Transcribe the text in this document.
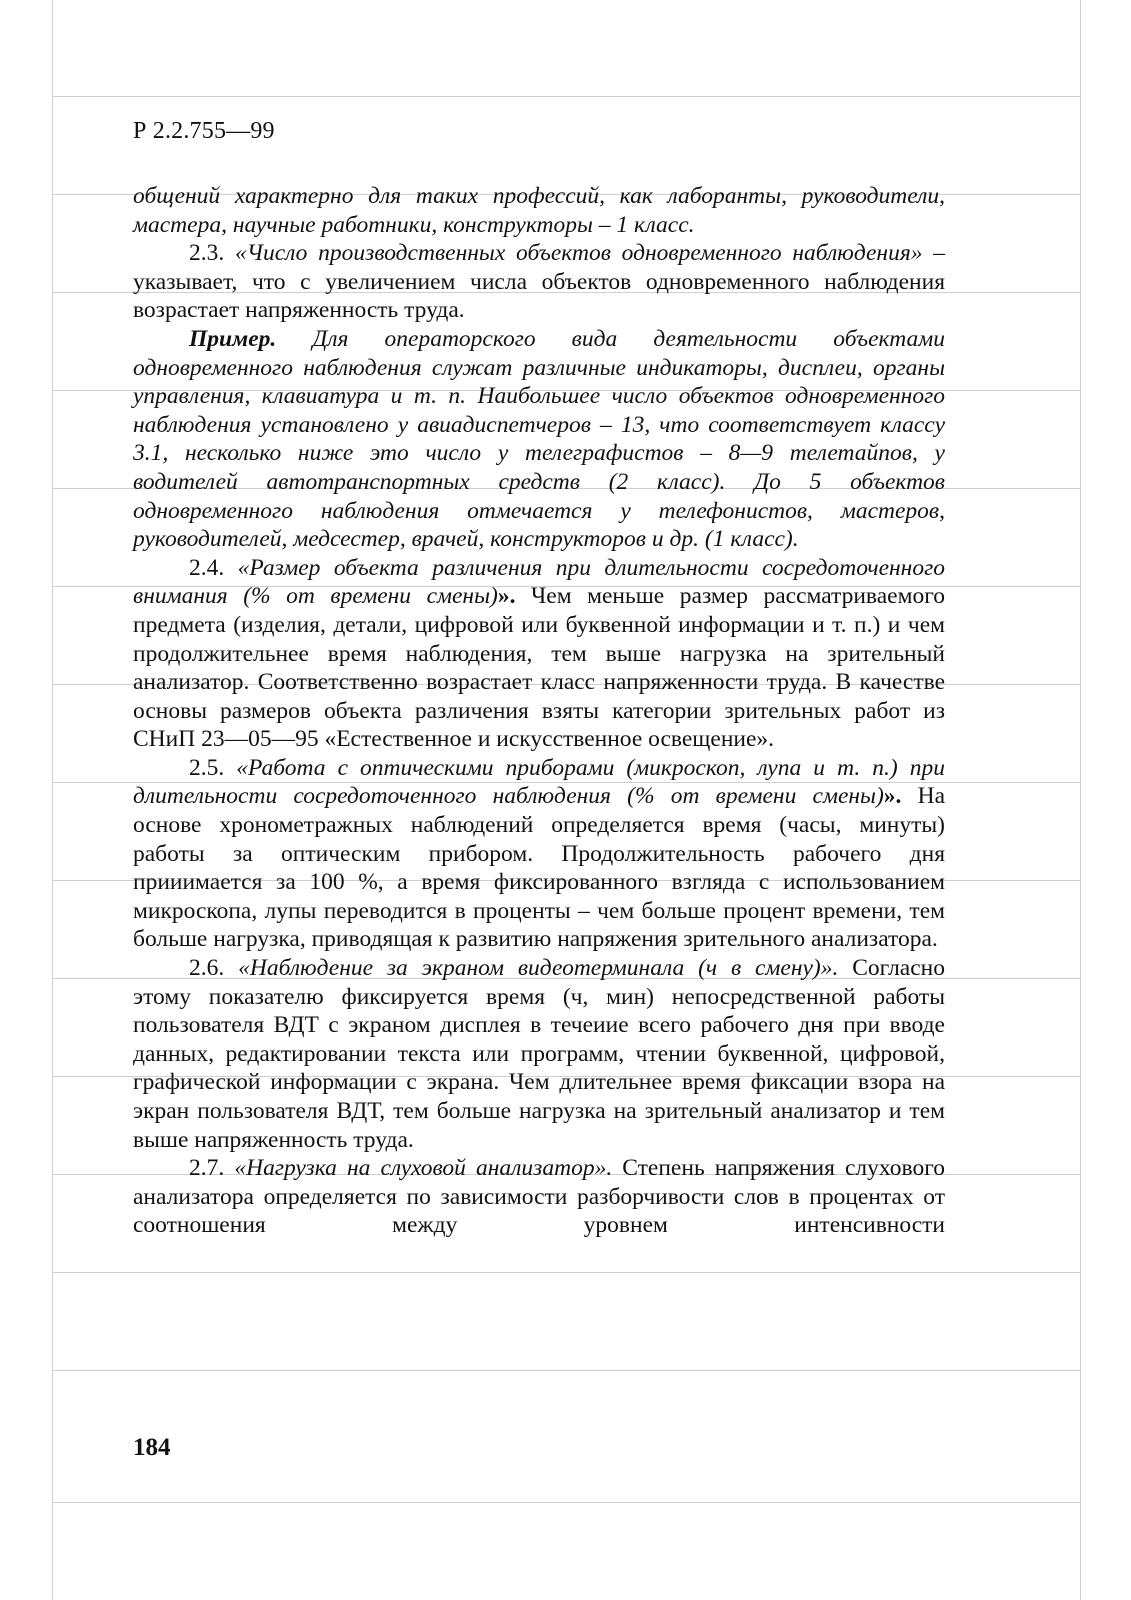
Р 2.2.755—99

общений характерно для таких профессий, как лаборанты, руководители, мастера, научные работники, конструкторы – 1 класс.

2.3. «Число производственных объектов одновременного наблюдения» – указывает, что с увеличением числа объектов одновременного наблюдения возрастает напряженность труда.

Пример. Для операторского вида деятельности объектами одновременного наблюдения служат различные индикаторы, дисплеи, органы управления, клавиатура и т. п. Наибольшее число объектов одновременного наблюдения установлено у авиадиспетчеров – 13, что соответствует классу 3.1, несколько ниже это число у телеграфистов – 8—9 телетайпов, у водителей автотранспортных средств (2 класс). До 5 объектов одновременного наблюдения отмечается у телефонистов, мастеров, руководителей, медсестер, врачей, конструкторов и др. (1 класс).

2.4. «Размер объекта различения при длительности сосредоточенного внимания (% от времени смены)». Чем меньше размер рассматриваемого предмета (изделия, детали, цифровой или буквенной информации и т. п.) и чем продолжительнее время наблюдения, тем выше нагрузка на зрительный анализатор. Соответственно возрастает класс напряженности труда. В качестве основы размеров объекта различения взяты категории зрительных работ из СНиП 23—05—95 «Естественное и искусственное освещение».

2.5. «Работа с оптическими приборами (микроскоп, лупа и т. п.) при длительности сосредоточенного наблюдения (% от времени смены)». На основе хронометражных наблюдений определяется время (часы, минуты) работы за оптическим прибором. Продолжительность рабочего дня прииимается за 100 %, а время фиксированного взгляда с использованием микроскопа, лупы переводится в проценты – чем больше процент времени, тем больше нагрузка, приводящая к развитию напряжения зрительного анализатора.

2.6. «Наблюдение за экраном видеотерминала (ч в смену)». Согласно этому показателю фиксируется время (ч, мин) непосредственной работы пользователя ВДТ с экраном дисплея в течеиие всего рабочего дня при вводе данных, редактировании текста или программ, чтении буквенной, цифровой, графической информации с экрана. Чем длительнее время фиксации взора на экран пользователя ВДТ, тем больше нагрузка на зрительный анализатор и тем выше напряженность труда.

2.7. «Нагрузка на слуховой анализатор». Степень напряжения слухового анализатора определяется по зависимости разборчивости слов в процентах от соотношения между уровнем интенсивности

184
